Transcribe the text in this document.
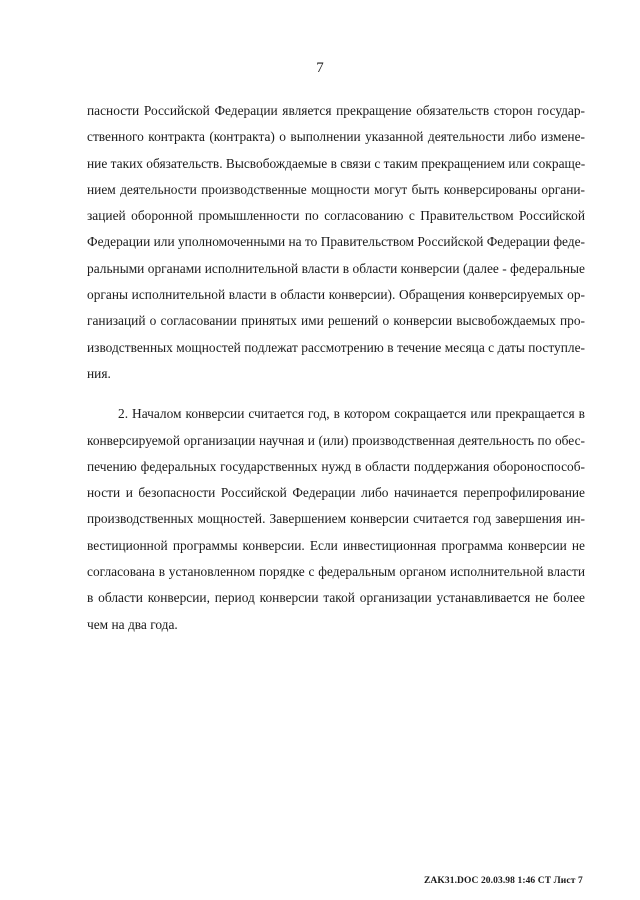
7
пасности Российской Федерации является прекращение обязательств сторон государ-
ственного контракта (контракта) о выполнении указанной деятельности либо измене-
ние таких обязательств. Высвобождаемые в связи с таким прекращением или сокраще-
нием деятельности производственные мощности могут быть конверсированы органи-
зацией оборонной промышленности по согласованию с Правительством Российской
Федерации или уполномоченными на то Правительством Российской Федерации феде-
ральными органами исполнительной власти в области конверсии (далее - федеральные
органы исполнительной власти в области конверсии). Обращения конверсируемых ор-
ганизаций о согласовании принятых ими решений о конверсии высвобождаемых про-
изводственных мощностей подлежат рассмотрению в течение месяца с даты поступле-
ния.
2. Началом конверсии считается год, в котором сокращается или прекращается в
конверсируемой организации научная и (или) производственная деятельность по обес-
печению федеральных государственных нужд в области поддержания обороноспособ-
ности и безопасности Российской Федерации либо начинается перепрофилирование
производственных мощностей. Завершением конверсии считается год завершения ин-
вестиционной программы конверсии. Если инвестиционная программа конверсии не
согласована в установленном порядке с федеральным органом исполнительной власти
в области конверсии, период конверсии такой организации устанавливается не более
чем на два года.
ZAK31.DOC 20.03.98 1:46 СТ Лист 7
